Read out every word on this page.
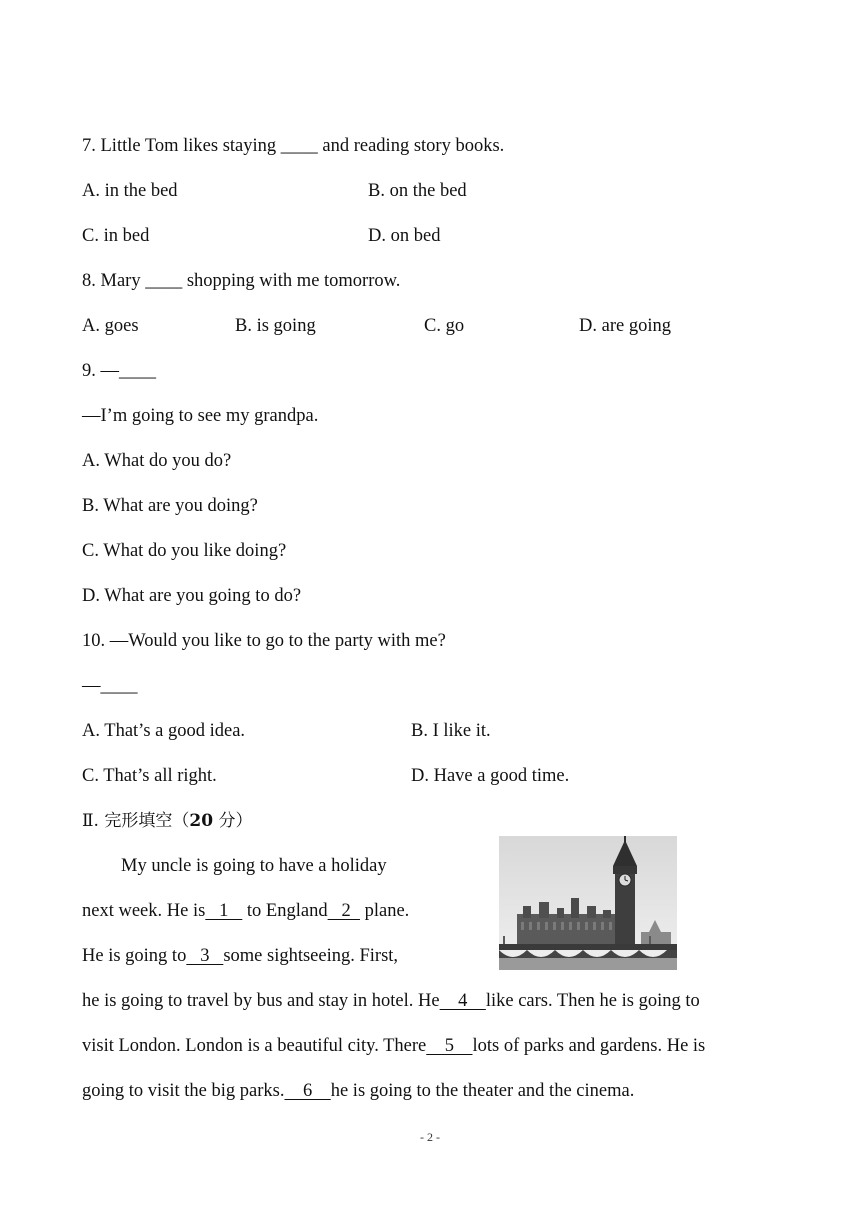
7. Little Tom likes staying ____ and reading story books.
A. in the bed	B. on the bed
C. in bed	D. on bed
8. Mary ____ shopping with me tomorrow.
A. goes	B. is going	C. go	D. are going
9. —____
—I’m going to see my grandpa.
A. What do you do?
B. What are you doing?
C. What do you like doing?
D. What are you going to do?
10. —Would you like to go to the party with me?
—____
A. That’s a good idea.	B. I like it.
C. That’s all right.	D. Have a good time.
Ⅱ. 完形填空（20 分）
My uncle is going to have a holiday
next week. He is   1    to England   2   plane.
He is going to   3   some sightseeing. First,
he is going to travel by bus and stay in hotel. He    4    like cars. Then he is going to
visit London. London is a beautiful city. There    5    lots of parks and gardens. He is
going to visit the big parks.    6    he is going to the theater and the cinema.
- 2 -
